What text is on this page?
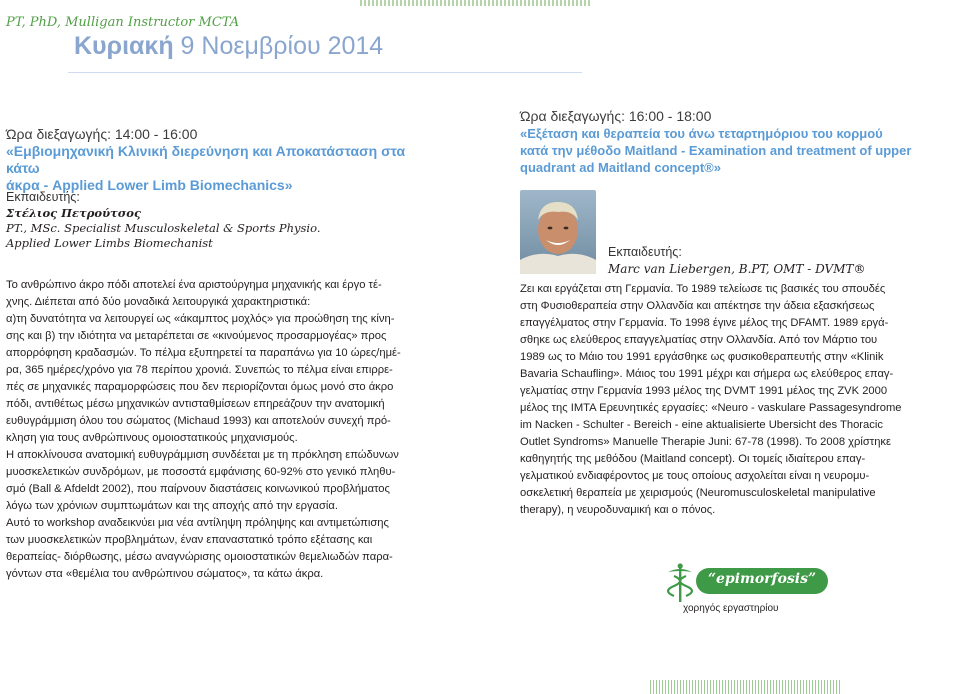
PT, PhD, Mulligan Instructor MCTA
Κυριακή 9 Νοεμβρίου 2014
Ώρα διεξαγωγής: 14:00 - 16:00
«Εμβιομηχανική Κλινική διερεύνηση και Αποκατάσταση στα κάτω
άκρα - Applied Lower Limb Biomechanics»
Εκπαιδευτής:
Στέλιος Πετρούτσος
PT., MSc. Specialist Musculoskeletal & Sports Physio.
Applied Lower Limbs Biomechanist

Το ανθρώπινο άκρο πόδι αποτελεί ένα αριστούργημα μηχανικής και έργο τέ-

χνης. Διέπεται από δύο μοναδικά λειτουργικά χαρακτηριστικά:

α)τη δυνατότητα να λειτουργεί ως «άκαμπτος μοχλός» για προώθηση της κίνη-

σης και β) την ιδιότητα να μεταρέπεται σε «κινούμενος προσαρμογέας» προς

απορρόφηση κραδασμών. Το πέλμα εξυπηρετεί τα παραπάνω για 10 ώρες/ημέ-

ρα, 365 ημέρες/χρόνο για 78 περίπου χρονιά. Συνεπώς το πέλμα είναι επιρρε-

πές σε μηχανικές παραμορφώσεις που δεν περιορίζονται όμως μονό στο άκρο

πόδι, αντιθέτως μέσω μηχανικών αντισταθμίσεων επηρεάζουν την ανατομική

ευθυγράμμιση όλου του σώματος (Michaud 1993) και αποτελούν συνεχή πρό-

κληση για τους ανθρώπινους ομοιοστατικούς μηχανισμούς.

Η αποκλίνουσα ανατομική ευθυγράμμιση συνδέεται με τη πρόκληση επώδυνων

μυοσκελετικών συνδρόμων, με ποσοστά εμφάνισης 60-92% στο γενικό πληθυ-

σμό (Ball & Afdeldt 2002), που παίρνουν διαστάσεις κοινωνικού προβλήματος

λόγω των χρόνιων συμπτωμάτων και της αποχής από την εργασία.

Αυτό το workshop αναδεικνύει μια νέα αντίληψη πρόληψης και αντιμετώπισης

των μυοσκελετικών προβλημάτων, έναν επαναστατικό τρόπο εξέτασης και

θεραπείας- διόρθωσης, μέσω αναγνώρισης ομοιοστατικών θεμελιωδών παρα-

γόντων στα «θεμέλια του ανθρώπινου σώματος», τα κάτω άκρα.

Ώρα διεξαγωγής: 16:00 - 18:00
«Εξέταση και θεραπεία του άνω τεταρτημόριου του κορμού
κατά την μέθοδο Maitland - Examination and treatment of upper
quadrant ad Maitland concept®»
Εκπαιδευτής:
Marc van Liebergen, B.PT, OMT - DVMT®

Ζει και εργάζεται στη Γερμανία. Το 1989 τελείωσε τις βασικές του σπουδές

στη Φυσιοθεραπεία στην Ολλανδία και απέκτησε την άδεια εξασκήσεως

επαγγέλματος στην Γερμανία. Το 1998 έγινε μέλος της DFAMT. 1989 εργά-

σθηκε ως ελεύθερος επαγγελματίας στην Ολλανδία. Από τον Μάρτιο του

1989 ως το Μάιο του 1991 εργάσθηκε ως φυσικοθεραπευτής στην «Klinik

Bavaria Schaufling». Μάιος του 1991 μέχρι και σήμερα ως ελεύθερος επαγ-

γελματίας στην Γερμανία 1993 μέλος της DVMT 1991 μέλος της ZVK 2000

μέλος της IMTA Ερευνητικές εργασίες: «Neuro - vaskulare Passagesyndrome

im Nacken - Schulter - Bereich - eine aktualisierte Ubersicht des Thoracic

Outlet Syndroms» Manuelle Therapie Juni: 67-78 (1998). Το 2008 χρίστηκε

καθηγητής της μεθόδου (Maitland concept). Οι τομείς ιδιαίτερου επαγ-

γελματικού ενδιαφέροντος με τους οποίους ασχολείται είναι η νευρομυ-

οσκελετική θεραπεία με χειρισμούς (Neuromusculoskeletal manipulative

therapy), η νευροδυναμική και ο πόνος.

“epimorfosis”
χορηγός εργαστηρίου
